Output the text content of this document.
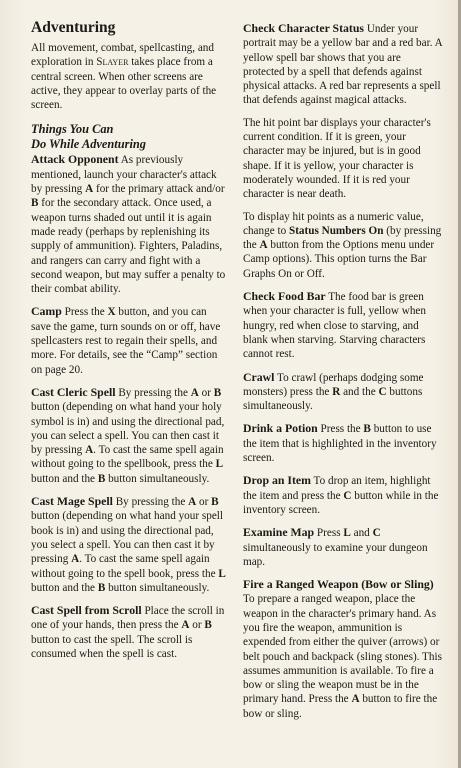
Adventuring

All movement, combat, spellcasting, and exploration in Slayer takes place from a central screen. When other screens are active, they appear to overlay parts of the screen.

Things You Can
Do While Adventuring

Attack Opponent As previously mentioned, launch your character's attack by pressing A for the primary attack and/or B for the secondary attack. Once used, a weapon turns shaded out until it is again made ready (perhaps by replenishing its supply of ammunition). Fighters, Paladins, and rangers can carry and fight with a second weapon, but may suffer a penalty to their combat ability.

Camp Press the X button, and you can save the game, turn sounds on or off, have spellcasters rest to regain their spells, and more. For details, see the “Camp” section on page 20.

Cast Cleric Spell By pressing the A or B button (depending on what hand your holy symbol is in) and using the directional pad, you can select a spell. You can then cast it by pressing A. To cast the same spell again without going to the spellbook, press the L button and the B button simultaneously.

Cast Mage Spell By pressing the A or B button (depending on what hand your spell book is in) and using the directional pad, you select a spell. You can then cast it by pressing A. To cast the same spell again without going to the spell book, press the L button and the B button simultaneously.

Cast Spell from Scroll Place the scroll in one of your hands, then press the A or B button to cast the spell. The scroll is consumed when the spell is cast.

Check Character Status Under your portrait may be a yellow bar and a red bar. A yellow spell bar shows that you are protected by a spell that defends against physical attacks. A red bar represents a spell that defends against magical attacks.

The hit point bar displays your character's current condition. If it is green, your character may be injured, but is in good shape. If it is yellow, your character is moderately wounded. If it is red your character is near death.

To display hit points as a numeric value, change to Status Numbers On (by pressing the A button from the Options menu under Camp options). This option turns the Bar Graphs On or Off.

Check Food Bar The food bar is green when your character is full, yellow when hungry, red when close to starving, and blank when starving. Starving characters cannot rest.

Crawl To crawl (perhaps dodging some monsters) press the R and the C buttons simultaneously.

Drink a Potion Press the B button to use the item that is highlighted in the inventory screen.

Drop an Item To drop an item, highlight the item and press the C button while in the inventory screen.

Examine Map Press L and C simultaneously to examine your dungeon map.

Fire a Ranged Weapon (Bow or Sling) To prepare a ranged weapon, place the weapon in the character's primary hand. As you fire the weapon, ammunition is expended from either the quiver (arrows) or belt pouch and backpack (sling stones). This assumes ammunition is available. To fire a bow or sling the weapon must be in the primary hand. Press the A button to fire the bow or sling.
